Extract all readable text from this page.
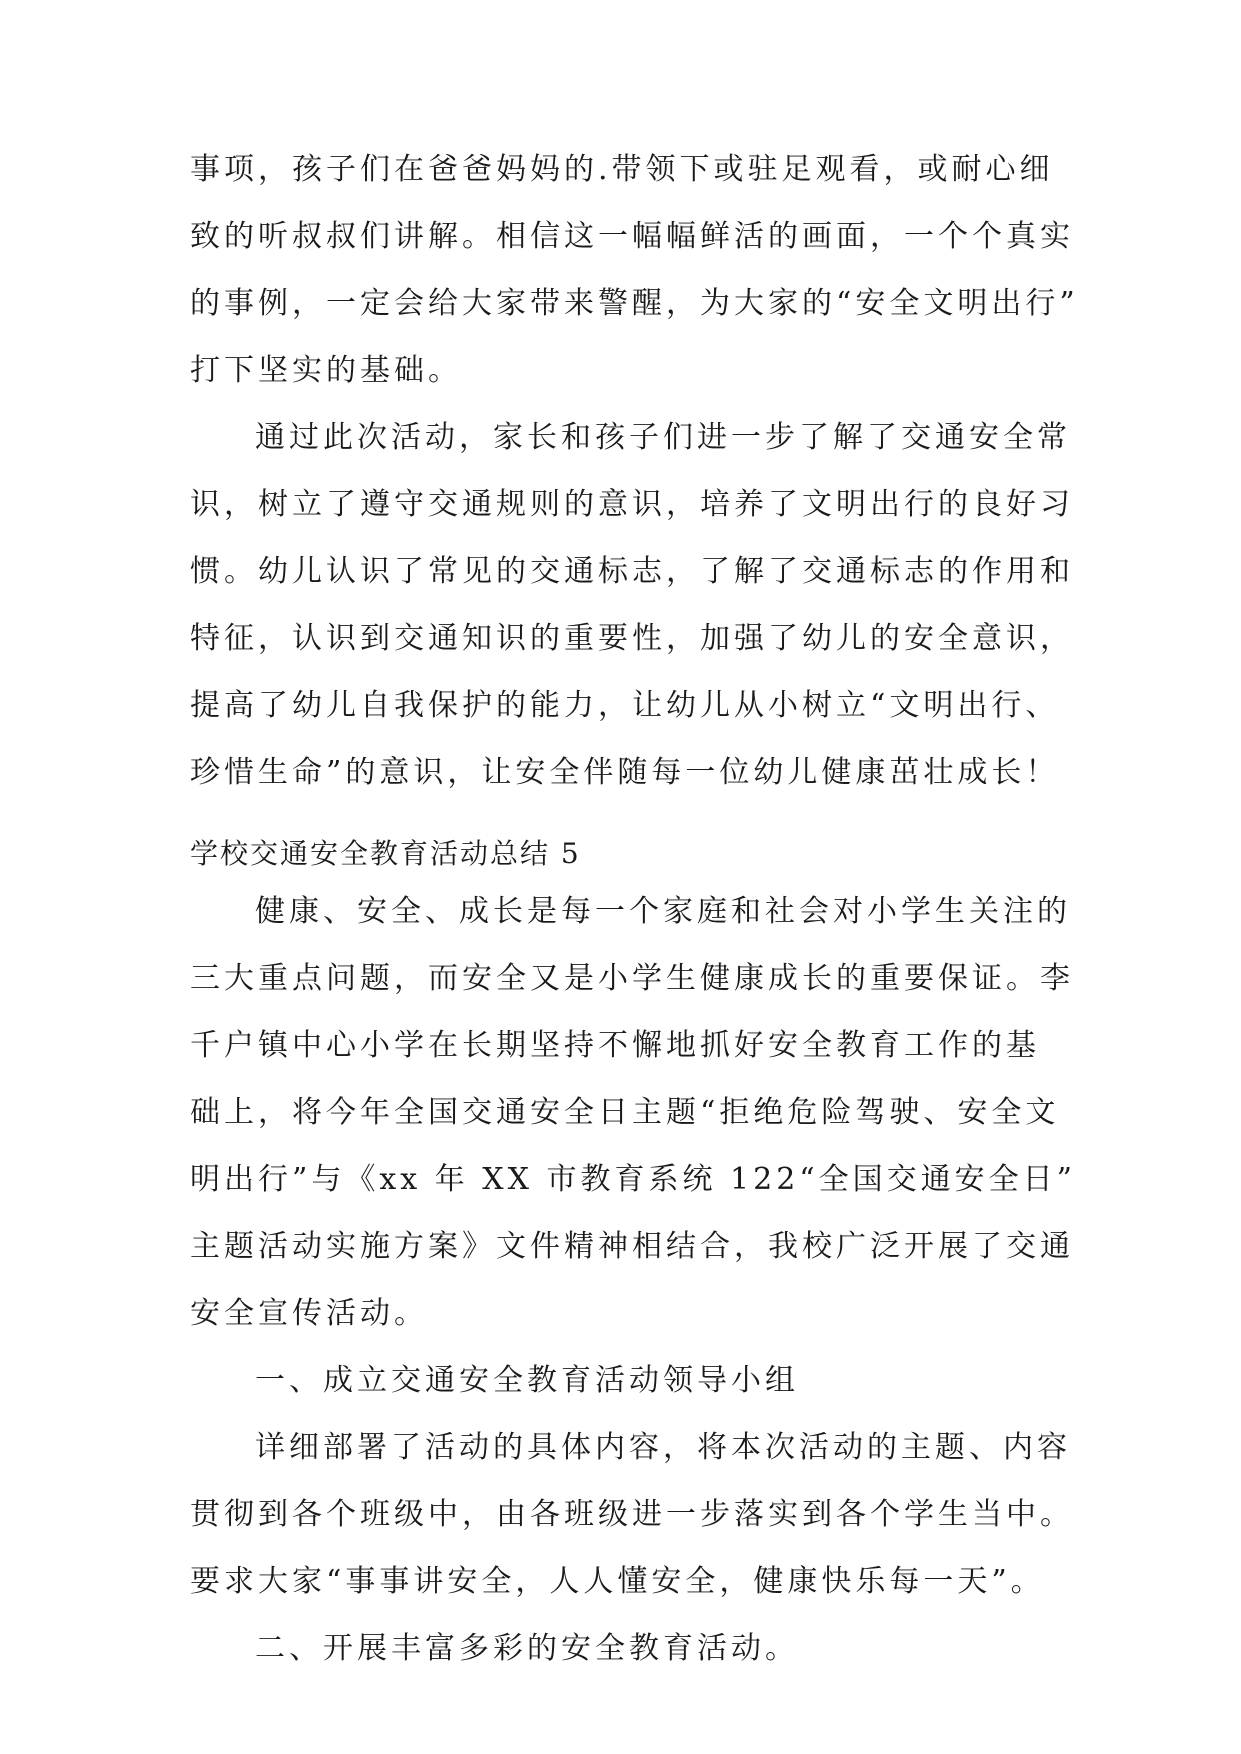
事项，孩子们在爸爸妈妈的.带领下或驻足观看，或耐心细
致的听叔叔们讲解。相信这一幅幅鲜活的画面，一个个真实
的事例，一定会给大家带来警醒，为大家的“安全文明出行”
打下坚实的基础。
通过此次活动，家长和孩子们进一步了解了交通安全常
识，树立了遵守交通规则的意识，培养了文明出行的良好习
惯。幼儿认识了常见的交通标志，了解了交通标志的作用和
特征，认识到交通知识的重要性，加强了幼儿的安全意识，
提高了幼儿自我保护的能力，让幼儿从小树立“文明出行、
珍惜生命”的意识，让安全伴随每一位幼儿健康茁壮成长！
学校交通安全教育活动总结 5
健康、安全、成长是每一个家庭和社会对小学生关注的
三大重点问题，而安全又是小学生健康成长的重要保证。李
千户镇中心小学在长期坚持不懈地抓好安全教育工作的基
础上，将今年全国交通安全日主题“拒绝危险驾驶、安全文
明出行”与《xx 年 XX 市教育系统 122“全国交通安全日”
主题活动实施方案》文件精神相结合，我校广泛开展了交通
安全宣传活动。
一、成立交通安全教育活动领导小组
详细部署了活动的具体内容，将本次活动的主题、内容
贯彻到各个班级中，由各班级进一步落实到各个学生当中。
要求大家“事事讲安全，人人懂安全，健康快乐每一天”。
二、开展丰富多彩的安全教育活动。
